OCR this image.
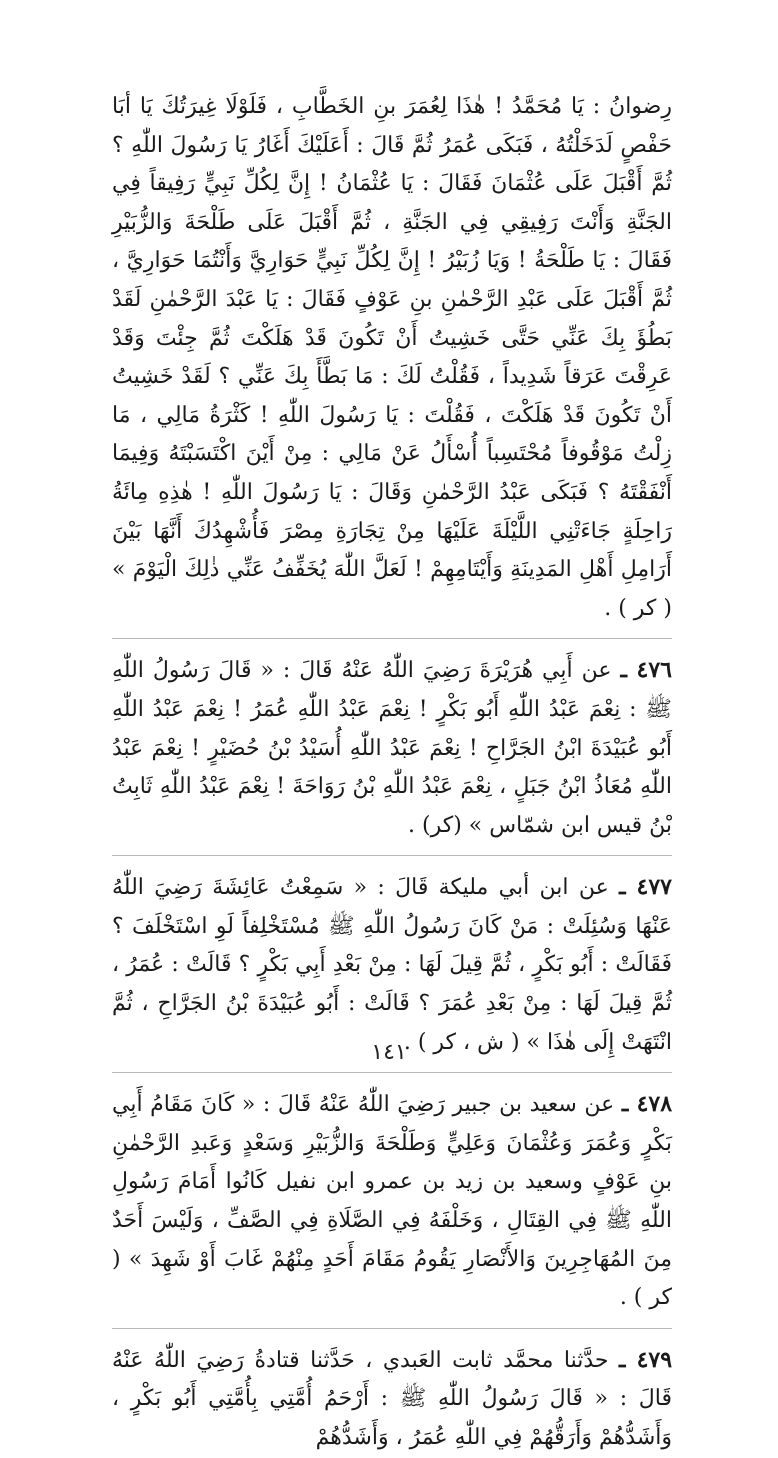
رِضوانُ : يَا مُحَمَّدُ ! هٰذَا لِعُمَرَ بنِ الخَطَّابِ ، فَلَوْلَا غِيرَتُكَ يَا أبَا حَفْصٍ لَدَخَلْتُهُ ، فَبَكَى عُمَرُ ثُمَّ قَالَ : أَعَلَيْكَ أَغَارُ يَا رَسُولَ اللّٰهِ ؟ ثُمَّ أَقْبَلَ عَلَى عُثْمَانَ فَقَالَ : يَا عُثْمَانُ ! إِنَّ لِكُلِّ نَبِيٍّ رَفِيقاً فِي الجَنَّةِ وَأَنْتَ رَفِيقِي فِي الجَنَّةِ ، ثُمَّ أَقْبَلَ عَلَى طَلْحَةَ وَالزُّبَيْرِ فَقَالَ : يَا طَلْحَةُ ! وَيَا زُبَيْرُ ! إِنَّ لِكُلِّ نَبِيٍّ حَوَارِيَّ وَأَنْتُمَا حَوَارِيَّ ، ثُمَّ أَقْبَلَ عَلَى عَبْدِ الرَّحْمٰنِ بنِ عَوْفٍ فَقَالَ : يَا عَبْدَ الرَّحْمٰنِ لَقَدْ بَطُؤَ بِكَ عَنِّي حَتَّى خَشِيتُ أَنْ تَكُونَ قَدْ هَلَكْتَ ثُمَّ جِئْتَ وَقَدْ عَرِقْتَ عَرَقاً شَدِيداً ، فَقُلْتُ لَكَ : مَا بَطَّأَ بِكَ عَنِّي ؟ لَقَدْ خَشِيتُ أَنْ تَكُونَ قَدْ هَلَكْتَ ، فَقُلْتَ : يَا رَسُولَ اللّٰهِ ! كَثْرَةُ مَالِي ، مَا زِلْتُ مَوْقُوفاً مُحْتَسِباً أُسْأَلُ عَنْ مَالِي : مِنْ أَيْنَ اكْتَسَبْتَهُ وَفِيمَا أَنْفَقْتَهُ ؟ فَبَكَى عَبْدُ الرَّحْمٰنِ وَقَالَ : يَا رَسُولَ اللّٰهِ ! هٰذِهِ مِائَةُ رَاحِلَةٍ جَاءَتْنِي اللَّيْلَةَ عَلَيْهَا مِنْ تِجَارَةِ مِصْرَ فَأُشْهِدُكَ أَنَّهَا بَيْنَ أَرَامِلِ أَهْلِ المَدِينَةِ وَأَيْتَامِهِمْ ! لَعَلَّ اللّٰهَ يُخَفِّفُ عَنِّي ذٰلِكَ الْيَوْمَ » ( كر ) .

٤٧٦ ـ عن أَبِي هُرَيْرَةَ رَضِيَ اللّٰهُ عَنْهُ قَالَ : « قَالَ رَسُولُ اللّٰهِ ﷺ : نِعْمَ عَبْدُ اللّٰهِ أَبُو بَكْرٍ ! نِعْمَ عَبْدُ اللّٰهِ عُمَرُ ! نِعْمَ عَبْدُ اللّٰهِ أَبُو عُبَيْدَةَ ابْنُ الجَرَّاحِ ! نِعْمَ عَبْدُ اللّٰهِ أُسَيْدُ بْنُ حُضَيْرٍ ! نِعْمَ عَبْدُ اللّٰهِ مُعَاذُ ابْنُ جَبَلٍ ، نِعْمَ عَبْدُ اللّٰهِ بْنُ رَوَاحَةَ ! نِعْمَ عَبْدُ اللّٰهِ ثَابِتُ بْنُ قيس ابن شمّاس » (كر) .

٤٧٧ ـ عن ابن أبي مليكة قَالَ : « سَمِعْتُ عَائِشَةَ رَضِيَ اللّٰهُ عَنْهَا وَسُئِلَتْ : مَنْ كَانَ رَسُولُ اللّٰهِ ﷺ مُسْتَخْلِفاً لَوِ اسْتَخْلَفَ ؟ فَقَالَتْ : أَبُو بَكْرٍ ، ثُمَّ قِيلَ لَهَا : مِنْ بَعْدِ أَبِي بَكْرٍ ؟ قَالَتْ : عُمَرُ ، ثُمَّ قِيلَ لَهَا : مِنْ بَعْدِ عُمَرَ ؟ قَالَتْ : أَبُو عُبَيْدَةَ بْنُ الجَرَّاحِ ، ثُمَّ انْتَهَتْ إِلَى هٰذَا » ( ش ، كر ) .

٤٧٨ ـ عن سعيد بن جبير رَضِيَ اللّٰهُ عَنْهُ قَالَ : « كَانَ مَقَامُ أَبِي بَكْرٍ وَعُمَرَ وَعُثْمَانَ وَعَلِيٍّ وَطَلْحَةَ وَالزُّبَيْرِ وَسَعْدٍ وَعَبدِ الرَّحْمٰنِ بنِ عَوْفٍ وسعيد بن زيد بن عمرو ابن نفيل كَانُوا أَمَامَ رَسُولِ اللّٰهِ ﷺ فِي القِتَالِ ، وَخَلْفَهُ فِي الصَّلَاةِ فِي الصَّفِّ ، وَلَيْسَ أَحَدٌ مِنَ المُهَاجِرِينَ وَالأَنْصَارِ يَقُومُ مَقَامَ أَحَدٍ مِنْهُمْ غَابَ أَوْ شَهِدَ » ( كر ) .

٤٧٩ ـ حدَّثنا محمَّد ثابت العَبدي ، حَدَّثنا قتادةُ رَضِيَ اللّٰهُ عَنْهُ قَالَ : « قَالَ رَسُولُ اللّٰهِ ﷺ : أَرْحَمُ أُمَّتِي بِأُمَّتِي أَبُو بَكْرٍ ، وَأَشَدُّهُمْ وَأَرَقُّهُمْ فِي اللّٰهِ عُمَرُ ، وَأَشَدُّهُمْ

١٤١
